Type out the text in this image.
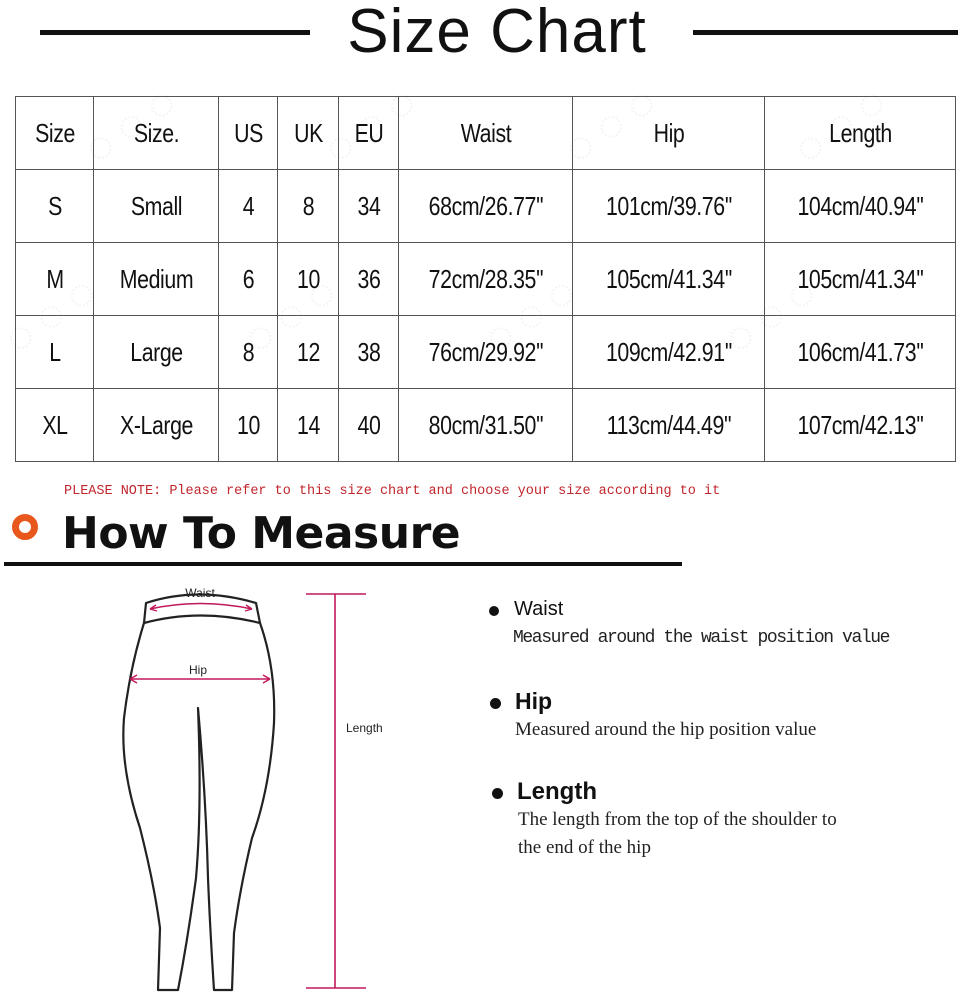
Size Chart
Size	Size.	US	UK	EU	Waist	Hip	Length
S	Small	4	8	34	68cm/26.77''	101cm/39.76''	104cm/40.94''
M	Medium	6	10	36	72cm/28.35''	105cm/41.34''	105cm/41.34''
L	Large	8	12	38	76cm/29.92''	109cm/42.91''	106cm/41.73''
XL	X-Large	10	14	40	80cm/31.50''	113cm/44.49''	107cm/42.13''
PLEASE NOTE: Please refer to this size chart and choose your size according to it
How To Measure
Waist
Hip
Length
Waist
Measured around the waist position value
Hip
Measured around the hip position value
Length
The length from the top of the shoulder to
the end of the hip
